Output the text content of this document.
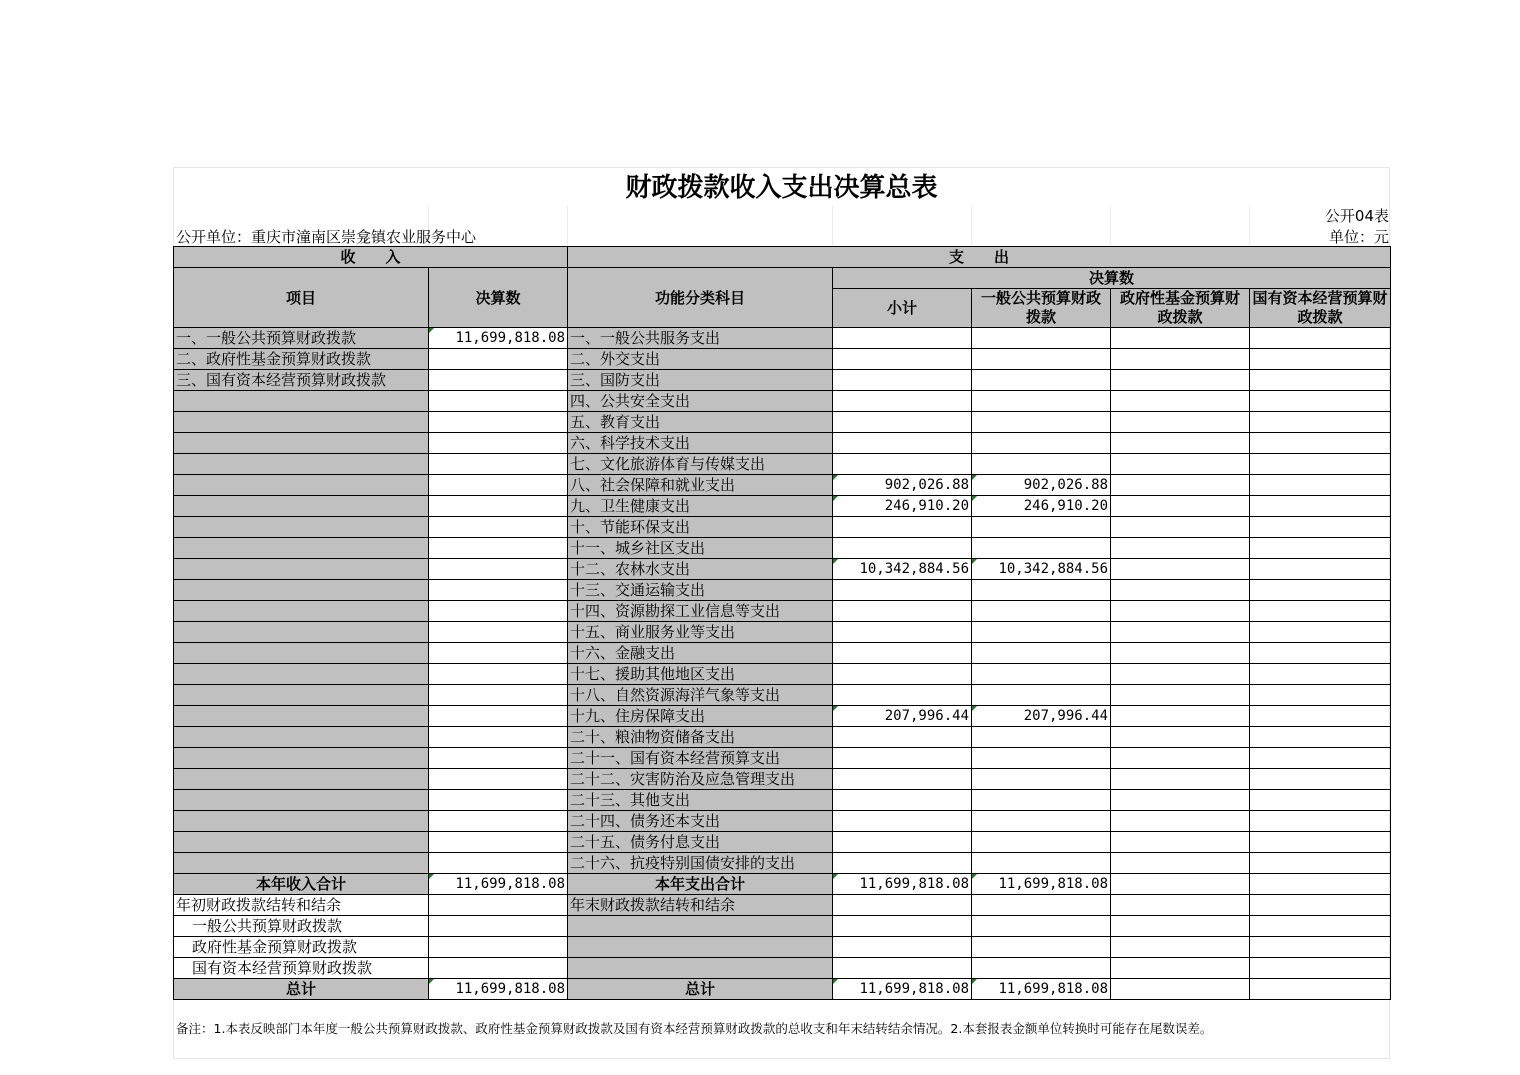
财政拨款收入支出决算总表
公开04表
公开单位：重庆市潼南区崇龛镇农业服务中心	单位：元
收　　入		支　　出				
项目	决算数	功能分类科目	决算数			
			小计	一般公共预算财政拨款	政府性基金预算财政拨款	国有资本经营预算财政拨款

一、一般公共预算财政拨款	11,699,818.08	一、一般公共服务支出				
二、政府性基金预算财政拨款		二、外交支出				
三、国有资本经营预算财政拨款		三、国防支出				
		四、公共安全支出				
		五、教育支出				
		六、科学技术支出				
		七、文化旅游体育与传媒支出				
		八、社会保障和就业支出	902,026.88	902,026.88		
		九、卫生健康支出	246,910.20	246,910.20		
		十、节能环保支出				
		十一、城乡社区支出				
		十二、农林水支出	10,342,884.56	10,342,884.56		
		十三、交通运输支出				
		十四、资源勘探工业信息等支出				
		十五、商业服务业等支出				
		十六、金融支出				
		十七、援助其他地区支出				
		十八、自然资源海洋气象等支出				
		十九、住房保障支出	207,996.44	207,996.44		
		二十、粮油物资储备支出				
		二十一、国有资本经营预算支出				
		二十二、灾害防治及应急管理支出				
		二十三、其他支出				
		二十四、债务还本支出				
		二十五、债务付息支出				
		二十六、抗疫特别国债安排的支出				
本年收入合计	11,699,818.08	本年支出合计	11,699,818.08	11,699,818.08		
年初财政拨款结转和结余		年末财政拨款结转和结余				
一般公共预算财政拨款						
政府性基金预算财政拨款						
国有资本经营预算财政拨款						
总计	11,699,818.08	总计	11,699,818.08	11,699,818.08		
备注：1.本表反映部门本年度一般公共预算财政拨款、政府性基金预算财政拨款及国有资本经营预算财政拨款的总收支和年末结转结余情况。2.本套报表金额单位转换时可能存在尾数误差。
